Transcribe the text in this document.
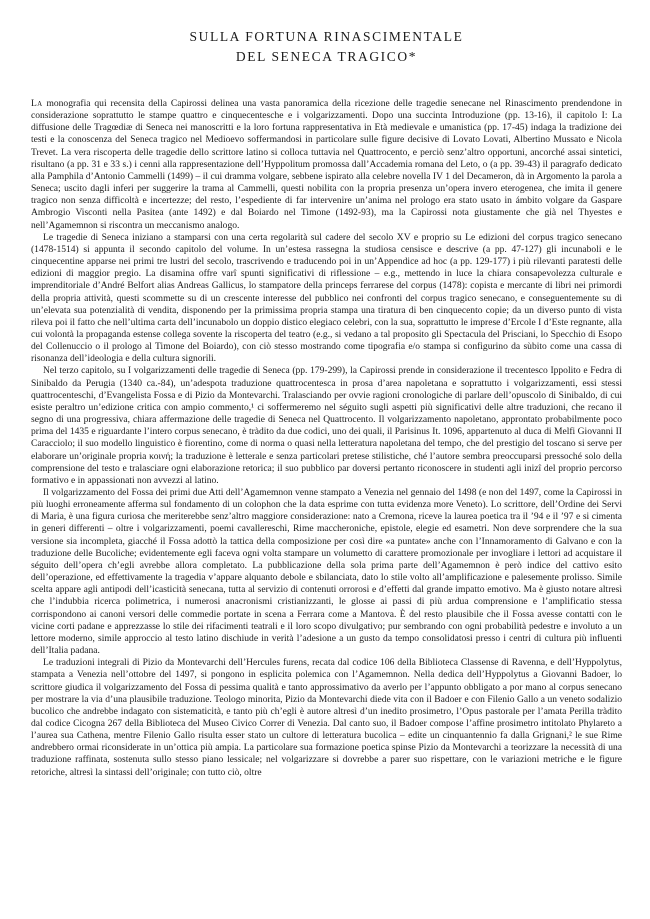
SULLA FORTUNA RINASCIMENTALE
DEL SENECA TRAGICO*

La monografia qui recensita della Capirossi delinea una vasta panoramica della ricezione delle tragedie senecane nel Rinascimento prendendone in considerazione soprattutto le stampe quattro e cinquecentesche e i volgarizzamenti. Dopo una succinta Introduzione (pp. 13-16), il capitolo I: La diffusione delle Tragœdiæ di Seneca nei manoscritti e la loro fortuna rappresentativa in Età medievale e umanistica (pp. 17-45) indaga la tradizione dei testi e la conoscenza del Seneca tragico nel Medioevo soffermandosi in particolare sulle figure decisive di Lovato Lovati, Albertino Mussato e Nicola Trevet. La vera riscoperta delle tragedie dello scrittore latino si colloca tuttavia nel Quattrocento, e perciò senz’altro opportuni, ancorché assai sintetici, risultano (a pp. 31 e 33 s.) i cenni alla rappresentazione dell’Hyppolitum promossa dall’Accademia romana del Leto, o (a pp. 39-43) il paragrafo dedicato alla Pamphila d’Antonio Cammelli (1499) – il cui dramma volgare, sebbene ispirato alla celebre novella IV 1 del Decameron, dà in Argomento la parola a Seneca; uscito dagli inferi per suggerire la trama al Cammelli, questi nobilita con la propria presenza un’opera invero eterogenea, che imita il genere tragico non senza difficoltà e incertezze; del resto, l’espediente di far intervenire un’anima nel prologo era stato usato in ámbito volgare da Gaspare Ambrogio Visconti nella Pasitea (ante 1492) e dal Boiardo nel Timone (1492-93), ma la Capirossi nota giustamente che già nel Thyestes e nell’Agamemnon si riscontra un meccanismo analogo.

Le tragedie di Seneca iniziano a stamparsi con una certa regolarità sul cadere del secolo XV e proprio su Le edizioni del corpus tragico senecano (1478-1514) si appunta il secondo capitolo del volume. In un’estesa rassegna la studiosa censisce e descrive (a pp. 47-127) gli incunaboli e le cinquecentine apparse nei primi tre lustri del secolo, trascrivendo e traducendo poi in un’Appendice ad hoc (a pp. 129-177) i più rilevanti paratesti delle edizioni di maggior pregio. La disamina offre varî spunti significativi di riflessione – e.g., mettendo in luce la chiara consapevolezza culturale e imprenditoriale d’André Belfort alias Andreas Gallicus, lo stampatore della princeps ferrarese del corpus (1478): copista e mercante di libri nei primordi della propria attività, questi scommette su di un crescente interesse del pubblico nei confronti del corpus tragico senecano, e conseguentemente su di un’elevata sua potenzialità di vendita, disponendo per la primissima propria stampa una tiratura di ben cinquecento copie; da un diverso punto di vista rileva poi il fatto che nell’ultima carta dell’incunabolo un doppio distico elegiaco celebri, con la sua, soprattutto le imprese d’Ercole I d’Este regnante, alla cui volontà la propaganda estense collega sovente la riscoperta del teatro (e.g., si vedano a tal proposito gli Spectacula del Prisciani, lo Specchio di Esopo del Collenuccio o il prologo al Timone del Boiardo), con ciò stesso mostrando come tipografia e/o stampa si configurino da sùbito come una cassa di risonanza dell’ideologia e della cultura signorili.

Nel terzo capitolo, su I volgarizzamenti delle tragedie di Seneca (pp. 179-299), la Capirossi prende in considerazione il trecentesco Ippolito e Fedra di Sinibaldo da Perugia (1340 ca.-84), un’adespota traduzione quattrocentesca in prosa d’area napoletana e soprattutto i volgarizzamenti, essi stessi quattrocenteschi, d’Evangelista Fossa e di Pizio da Montevarchi. Tralasciando per ovvie ragioni cronologiche di parlare dell’opuscolo di Sinibaldo, di cui esiste peraltro un’edizione critica con ampio commento,¹ ci soffermeremo nel séguito sugli aspetti più significativi delle altre traduzioni, che recano il segno di una progressiva, chiara affermazione delle tragedie di Seneca nel Quattrocento. Il volgarizzamento napoletano, approntato probabilmente poco prima del 1435 e riguardante l’intero corpus senecano, è tràdito da due codici, uno dei quali, il Parisinus It. 1096, appartenuto al duca di Melfi Giovanni II Caracciolo; il suo modello linguistico è fiorentino, come di norma o quasi nella letteratura napoletana del tempo, che del prestigio del toscano si serve per elaborare un’originale propria κοινή; la traduzione è letterale e senza particolari pretese stilistiche, ché l’autore sembra preoccuparsi pressoché solo della comprensione del testo e tralasciare ogni elaborazione retorica; il suo pubblico par doversi pertanto riconoscere in studenti agli inizî del proprio percorso formativo e in appassionati non avvezzi al latino.

Il volgarizzamento del Fossa dei primi due Atti dell’Agamemnon venne stampato a Venezia nel gennaio del 1498 (e non del 1497, come la Capirossi in più luoghi erroneamente afferma sul fondamento di un colophon che la data esprime con tutta evidenza more Veneto). Lo scrittore, dell’Ordine dei Servi di Maria, è una figura curiosa che meriterebbe senz’altro maggiore considerazione: nato a Cremona, riceve la laurea poetica tra il ’94 e il ’97 e si cimenta in generi differenti – oltre i volgarizzamenti, poemi cavallereschi, Rime maccheroniche, epistole, elegie ed esametri. Non deve sorprendere che la sua versione sia incompleta, giacché il Fossa adottò la tattica della composizione per così dire «a puntate» anche con l’Innamoramento di Galvano e con la traduzione delle Bucoliche; evidentemente egli faceva ogni volta stampare un volumetto di carattere promozionale per invogliare i lettori ad acquistare il séguito dell’opera ch’egli avrebbe allora completato. La pubblicazione della sola prima parte dell’Agamemnon è però indice del cattivo esito dell’operazione, ed effettivamente la tragedia v’appare alquanto debole e sbilanciata, dato lo stile volto all’amplificazione e palesemente prolisso. Simile scelta appare agli antipodi dell’icasticità senecana, tutta al servizio di contenuti orrorosi e d’effetti dal grande impatto emotivo. Ma è giusto notare altresì che l’indubbia ricerca polimetrica, i numerosi anacronismi cristianizzanti, le glosse ai passi di più ardua comprensione e l’amplificatio stessa corrispondono ai canoni versori delle commedie portate in scena a Ferrara come a Mantova. È del resto plausibile che il Fossa avesse contatti con le vicine corti padane e apprezzasse lo stile dei rifacimenti teatrali e il loro scopo divulgativo; pur sembrando con ogni probabilità pedestre e involuto a un lettore moderno, simile approccio al testo latino dischiude in verità l’adesione a un gusto da tempo consolidatosi presso i centri di cultura più influenti dell’Italia padana.

Le traduzioni integrali di Pizio da Montevarchi dell’Hercules furens, recata dal codice 106 della Biblioteca Classense di Ravenna, e dell’Hyppolytus, stampata a Venezia nell’ottobre del 1497, si pongono in esplicita polemica con l’Agamemnon. Nella dedica dell’Hyppolytus a Giovanni Badoer, lo scrittore giudica il volgarizzamento del Fossa di pessima qualità e tanto approssimativo da averlo per l’appunto obbligato a por mano al corpus senecano per mostrare la via d’una plausibile traduzione. Teologo minorita, Pizio da Montevarchi diede vita con il Badoer e con Filenio Gallo a un veneto sodalizio bucolico che andrebbe indagato con sistematicità, e tanto più ch’egli è autore altresì d’un inedito prosimetro, l’Opus pastorale per l’amata Perilla tràdito dal codice Cicogna 267 della Biblioteca del Museo Civico Correr di Venezia. Dal canto suo, il Badoer compose l’affine prosimetro intitolato Phylareto a l’aurea sua Cathena, mentre Filenio Gallo risulta esser stato un cultore di letteratura bucolica – edite un cinquantennio fa dalla Grignani,² le sue Rime andrebbero ormai riconsiderate in un’ottica più ampia. La particolare sua formazione poetica spinse Pizio da Montevarchi a teorizzare la necessità di una traduzione raffinata, sostenuta sullo stesso piano lessicale; nel volgarizzare si dovrebbe a parer suo rispettare, con le variazioni metriche e le figure retoriche, altresì la sintassi dell’originale; con tutto ciò, oltre
